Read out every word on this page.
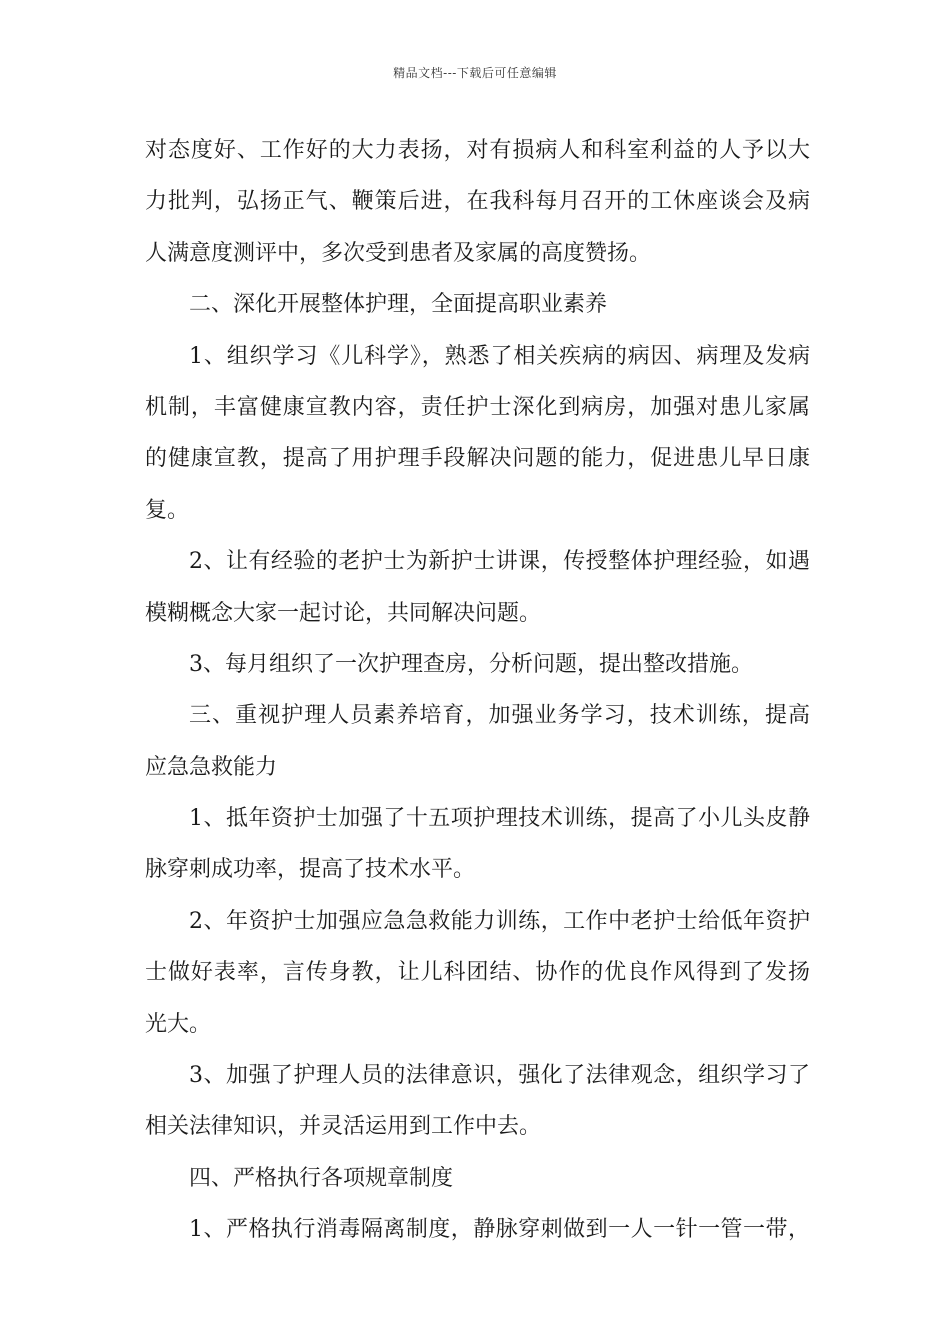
精品文档---下载后可任意编辑
对态度好、工作好的大力表扬，对有损病人和科室利益的人予以大
力批判，弘扬正气、鞭策后进，在我科每月召开的工休座谈会及病
人满意度测评中，多次受到患者及家属的高度赞扬。
二、深化开展整体护理，全面提高职业素养
1、组织学习《儿科学》，熟悉了相关疾病的病因、病理及发病
机制，丰富健康宣教内容，责任护士深化到病房，加强对患儿家属
的健康宣教，提高了用护理手段解决问题的能力，促进患儿早日康
复。
2、让有经验的老护士为新护士讲课，传授整体护理经验，如遇
模糊概念大家一起讨论，共同解决问题。
3、每月组织了一次护理查房，分析问题，提出整改措施。
三、重视护理人员素养培育，加强业务学习，技术训练，提高
应急急救能力
1、抵年资护士加强了十五项护理技术训练，提高了小儿头皮静
脉穿刺成功率，提高了技术水平。
2、年资护士加强应急急救能力训练，工作中老护士给低年资护
士做好表率，言传身教，让儿科团结、协作的优良作风得到了发扬
光大。
3、加强了护理人员的法律意识，强化了法律观念，组织学习了
相关法律知识，并灵活运用到工作中去。
四、严格执行各项规章制度
1、严格执行消毒隔离制度，静脉穿刺做到一人一针一管一带，
